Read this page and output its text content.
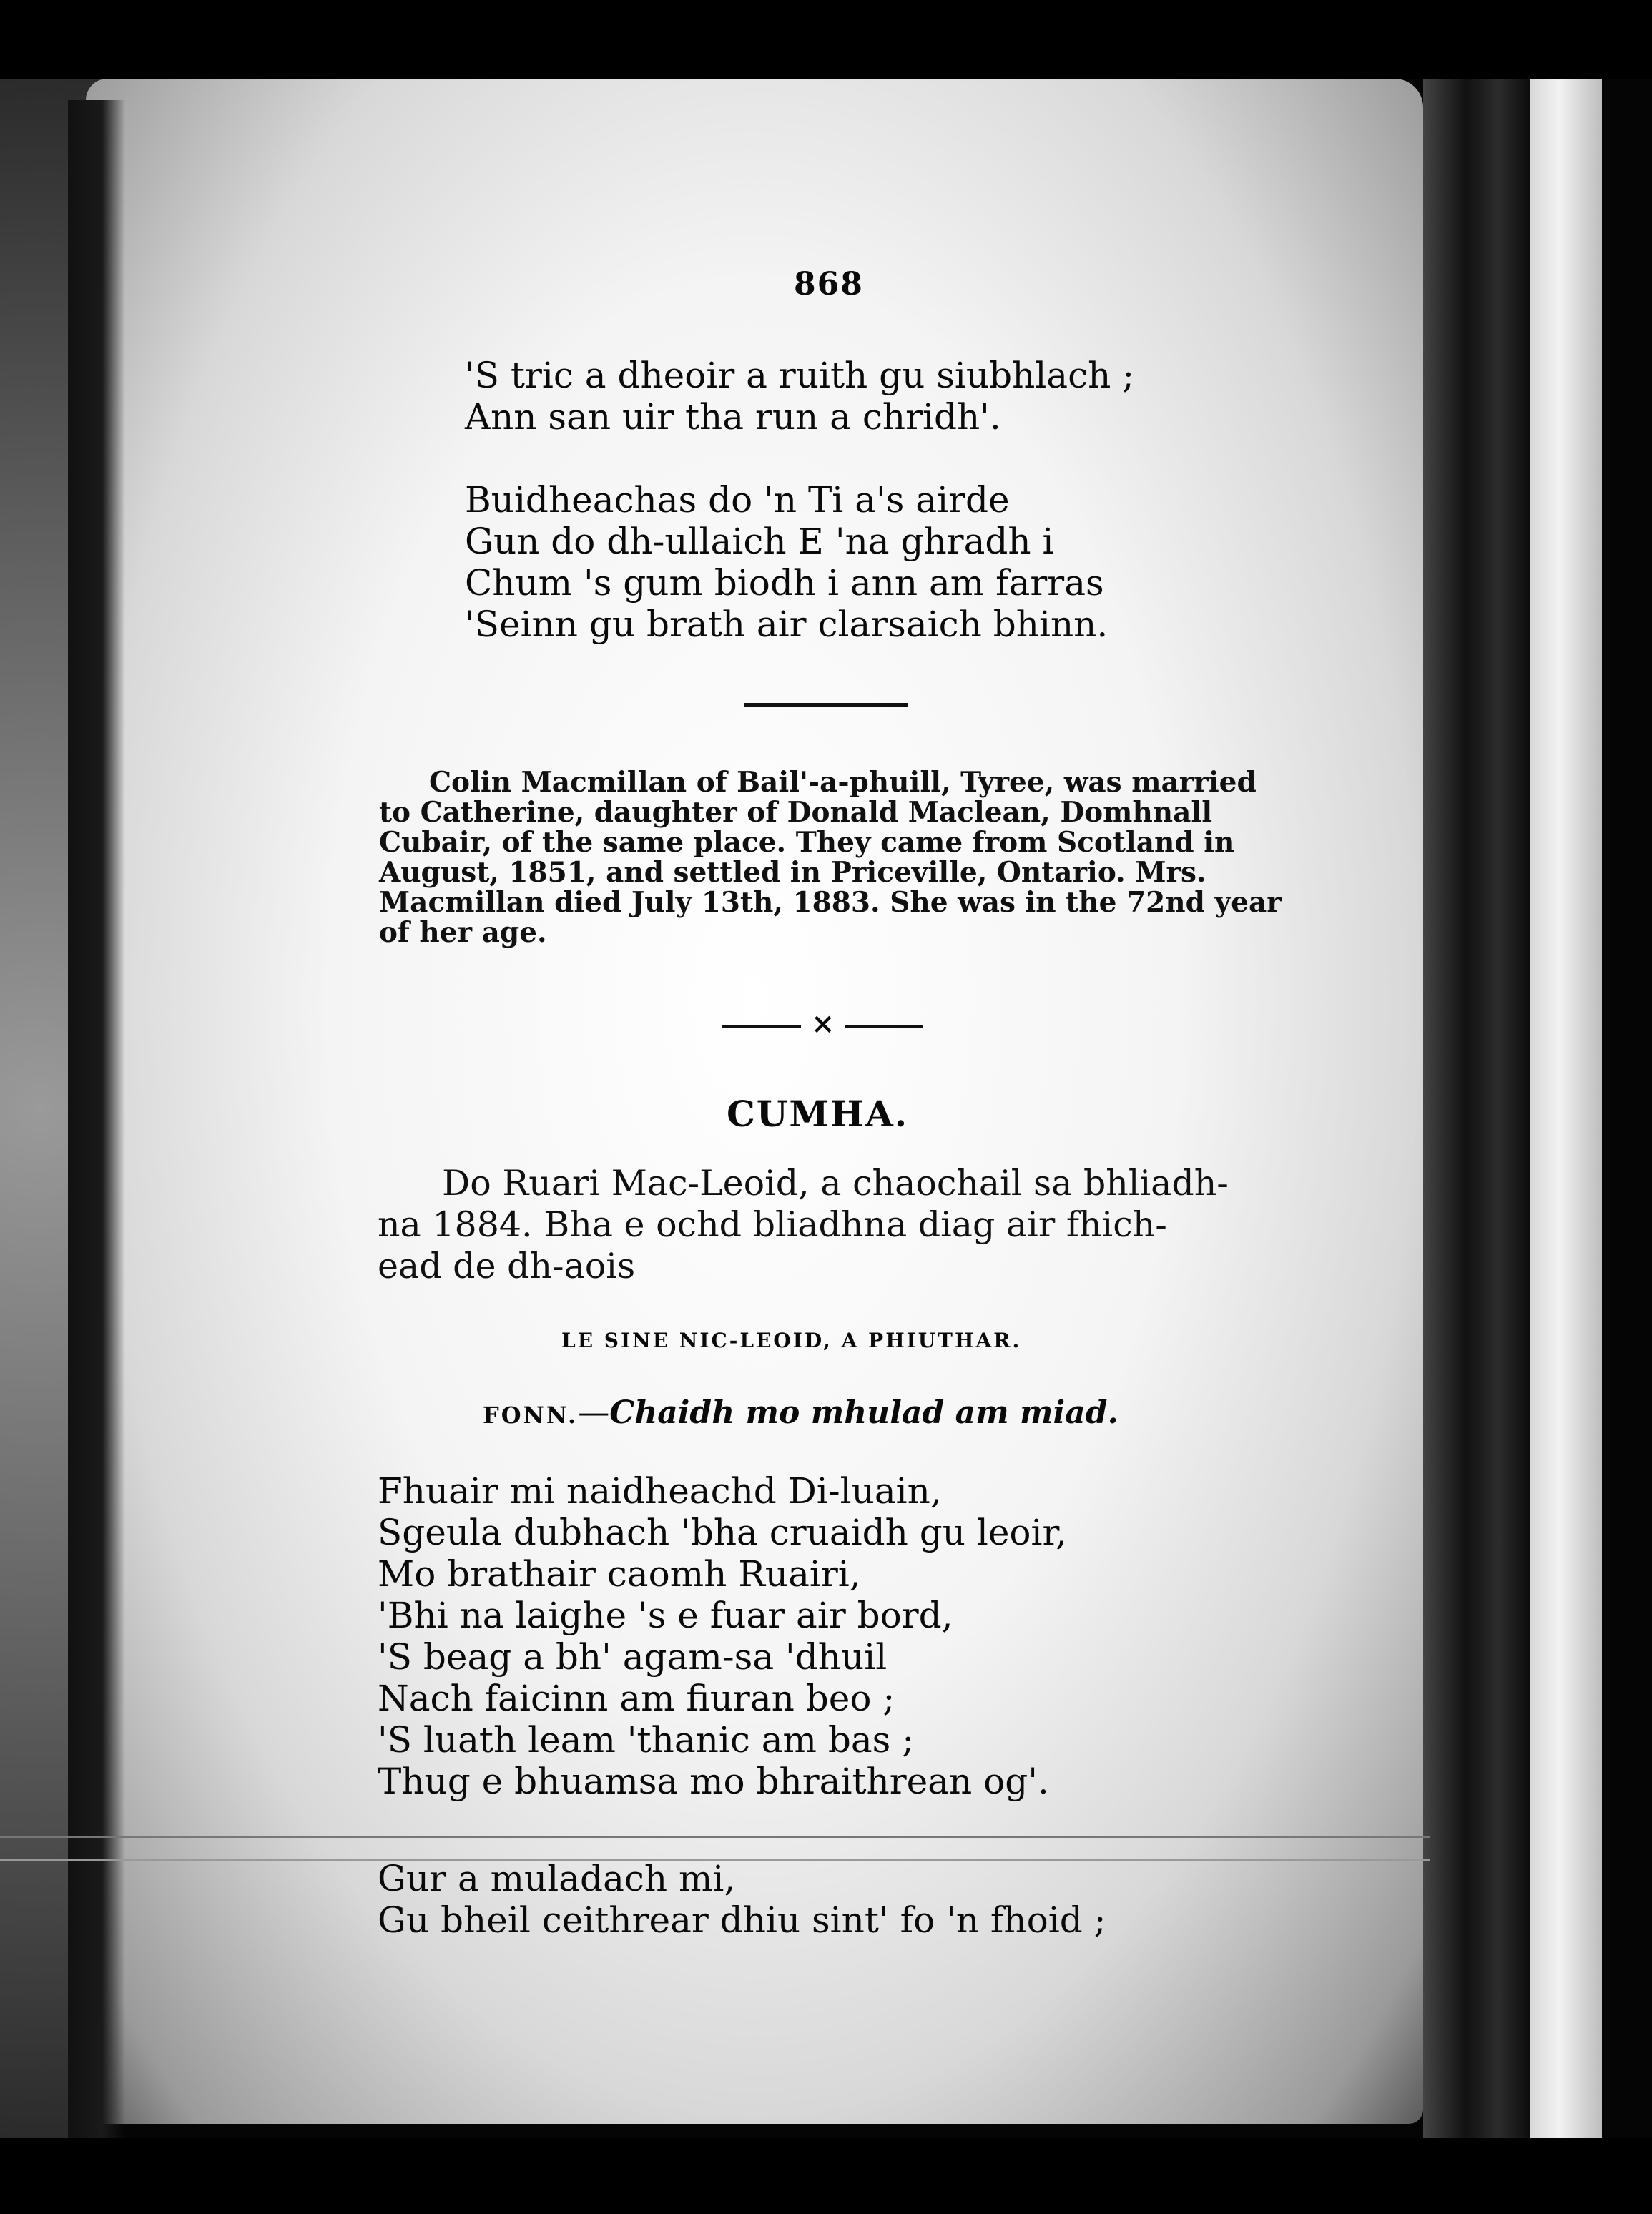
868
'S tric a dheoir a ruith gu siubhlach ;
Ann san uir tha run a chridh'.
Buidheachas do 'n Ti a's airde
Gun do dh-ullaich E 'na ghradh i
Chum 's gum biodh i ann am farras
'Seinn gu brath air clarsaich bhinn.
Colin Macmillan of Bail'-a-phuill, Tyree, was married
to Catherine, daughter of Donald Maclean, Domhnall
Cubair, of the same place. They came from Scotland in
August, 1851, and settled in Priceville, Ontario. Mrs.
Macmillan died July 13th, 1883. She was in the 72nd year
of her age.
×
CUMHA.
Do Ruari Mac-Leoid, a chaochail sa bhliadh-
na 1884. Bha e ochd bliadhna diag air fhich-
ead de dh-aois
LE SINE NIC-LEOID, A PHIUTHAR.
FONN.—Chaidh mo mhulad am miad.
Fhuair mi naidheachd Di-luain,
Sgeula dubhach 'bha cruaidh gu leoir,
Mo brathair caomh Ruairi,
'Bhi na laighe 's e fuar air bord,
'S beag a bh' agam-sa 'dhuil
Nach faicinn am fiuran beo ;
'S luath leam 'thanic am bas ;
Thug e bhuamsa mo bhraithrean og'.
Gur a muladach mi,
Gu bheil ceithrear dhiu sint' fo 'n fhoid ;
